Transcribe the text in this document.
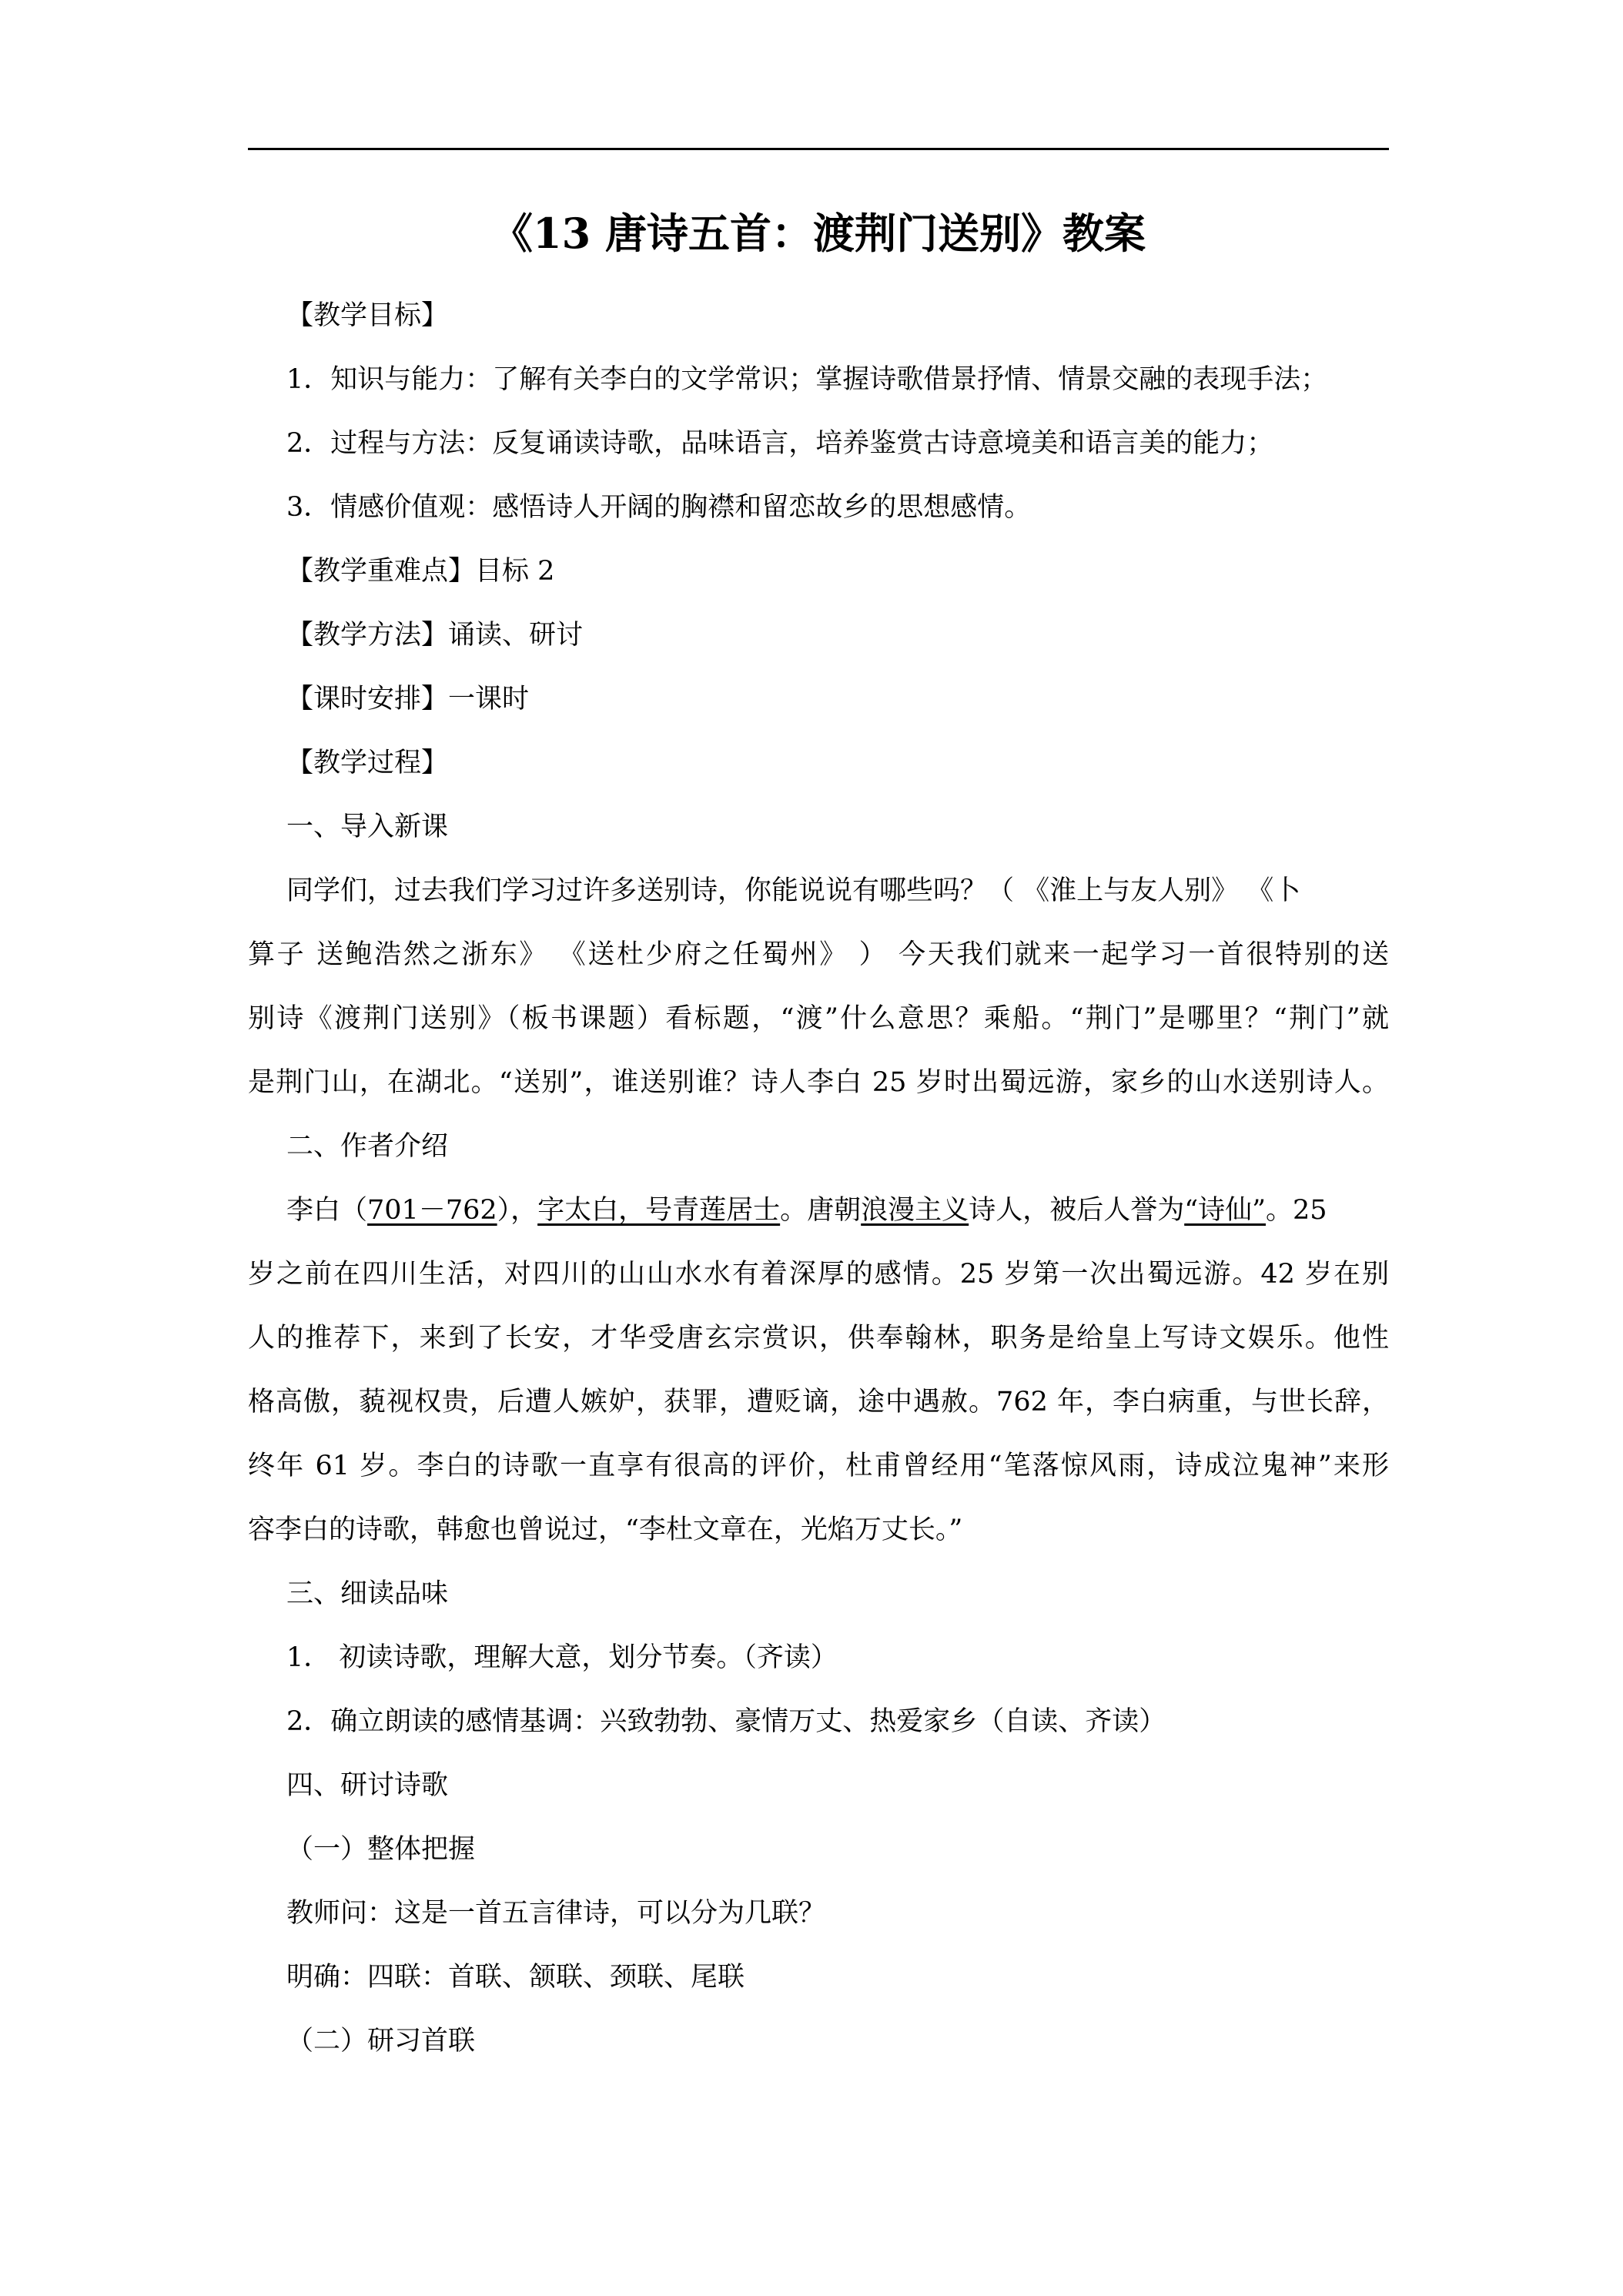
《13 唐诗五首：渡荆门送别》教案
【教学目标】
1．知识与能力：了解有关李白的文学常识；掌握诗歌借景抒情、情景交融的表现手法；
2．过程与方法：反复诵读诗歌，品味语言，培养鉴赏古诗意境美和语言美的能力；
3．情感价值观：感悟诗人开阔的胸襟和留恋故乡的思想感情。
【教学重难点】目标 2
【教学方法】诵读、研讨
【课时安排】一课时
【教学过程】
一、导入新课
同学们，过去我们学习过许多送别诗，你能说说有哪些吗？（ 《淮上与友人别》 《卜
算子 送鲍浩然之浙东》 《送杜少府之任蜀州》 ） 今天我们就来一起学习一首很特别的送
别诗《渡荆门送别》（板书课题）看标题，“渡”什么意思？乘船。“荆门”是哪里？“荆门”就
是荆门山，在湖北。“送别”，谁送别谁？诗人李白 25 岁时出蜀远游，家乡的山水送别诗人。
二、作者介绍
李白（701－762），字太白，号青莲居士。唐朝浪漫主义诗人，被后人誉为“诗仙”。25
岁之前在四川生活，对四川的山山水水有着深厚的感情。25 岁第一次出蜀远游。42 岁在别
人的推荐下，来到了长安，才华受唐玄宗赏识，供奉翰林，职务是给皇上写诗文娱乐。他性
格高傲，藐视权贵，后遭人嫉妒，获罪，遭贬谪，途中遇赦。762 年，李白病重，与世长辞，
终年 61 岁。李白的诗歌一直享有很高的评价，杜甫曾经用“笔落惊风雨，诗成泣鬼神”来形
容李白的诗歌，韩愈也曾说过，“李杜文章在，光焰万丈长。”
三、细读品味
1． 初读诗歌，理解大意，划分节奏。（齐读）
2．确立朗读的感情基调：兴致勃勃、豪情万丈、热爱家乡（自读、齐读）
四、研讨诗歌
（一）整体把握
教师问：这是一首五言律诗，可以分为几联？
明确：四联：首联、颔联、颈联、尾联
（二）研习首联
